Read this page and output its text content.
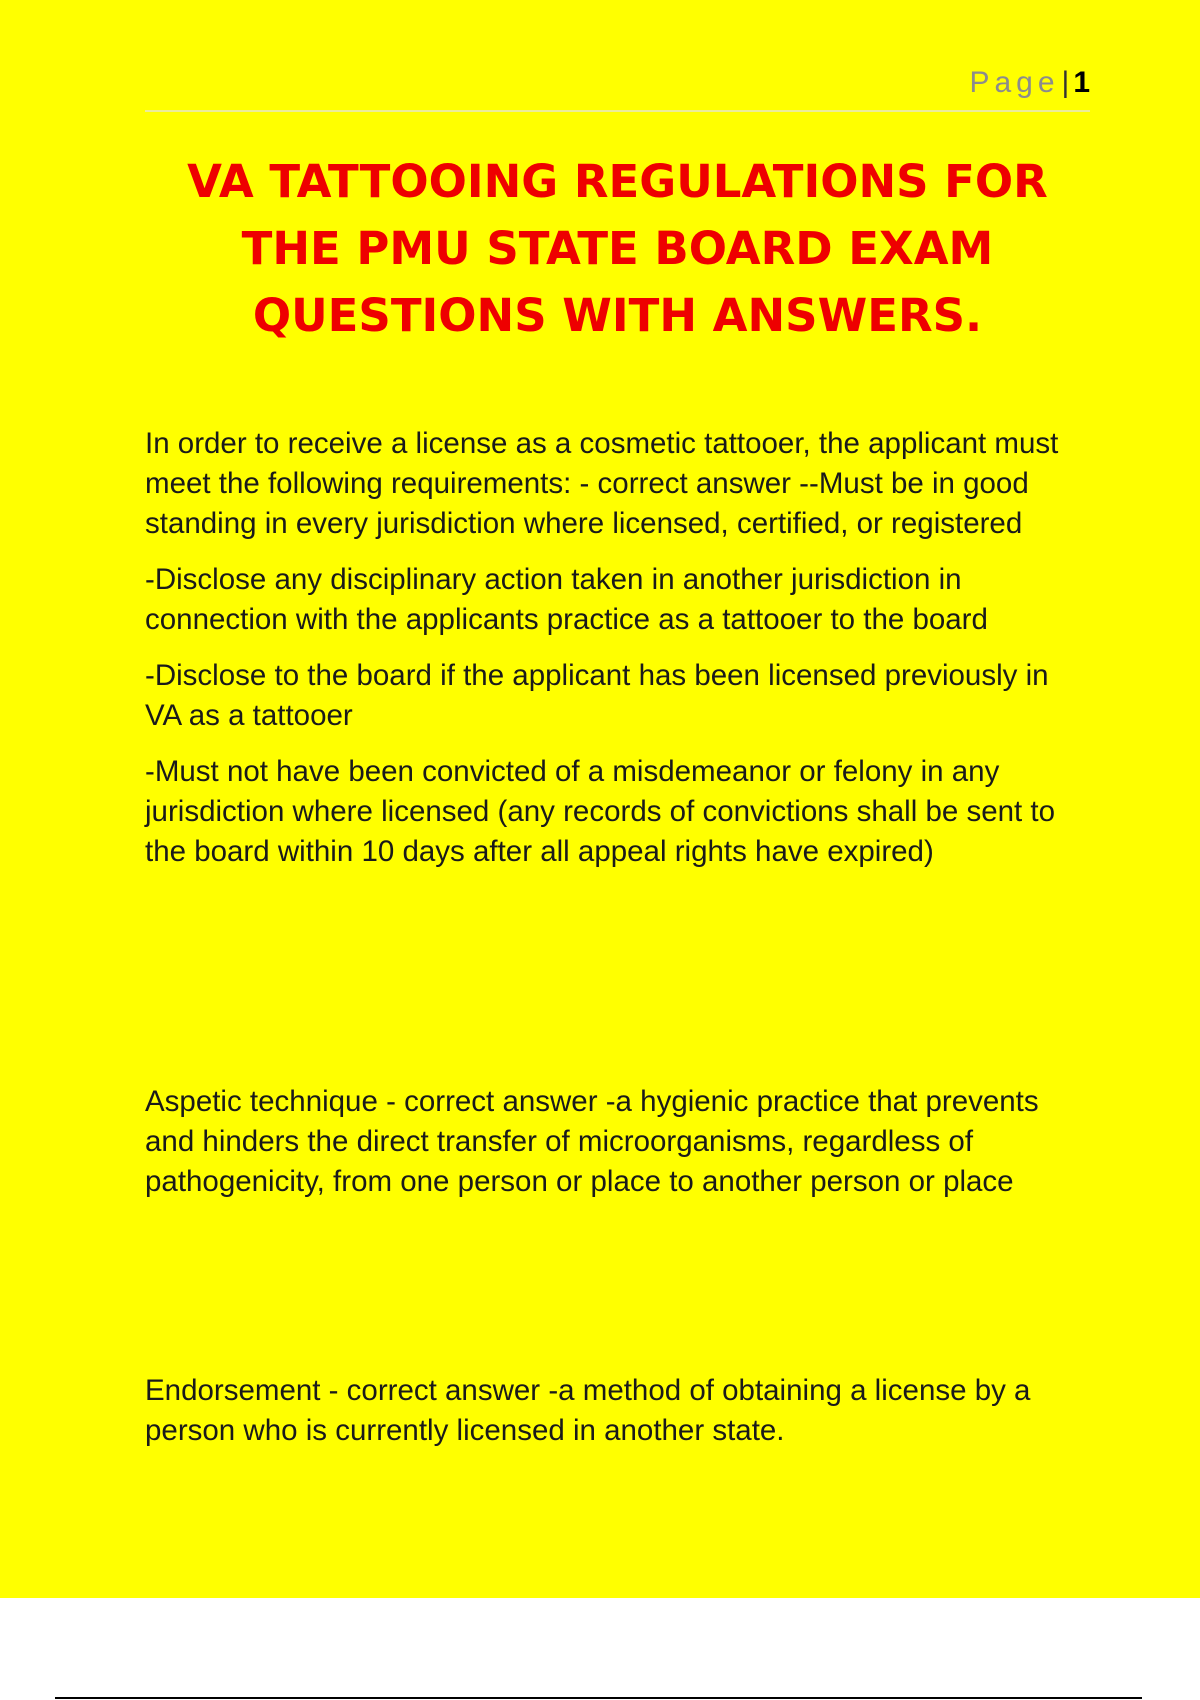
Page| 1
VA TATTOOING REGULATIONS FOR THE PMU STATE BOARD EXAM QUESTIONS WITH ANSWERS.

In order to receive a license as a cosmetic tattooer, the applicant must meet the following requirements: - correct answer --Must be in good standing in every jurisdiction where licensed, certified, or registered

-Disclose any disciplinary action taken in another jurisdiction in connection with the applicants practice as a tattooer to the board

-Disclose to the board if the applicant has been licensed previously in VA as a tattooer

-Must not have been convicted of a misdemeanor or felony in any jurisdiction where licensed (any records of convictions shall be sent to the board within 10 days after all appeal rights have expired)

Aspetic technique - correct answer -a hygienic practice that prevents and hinders the direct transfer of microorganisms, regardless of pathogenicity, from one person or place to another person or place

Endorsement - correct answer -a method of obtaining a license by a person who is currently licensed in another state.
